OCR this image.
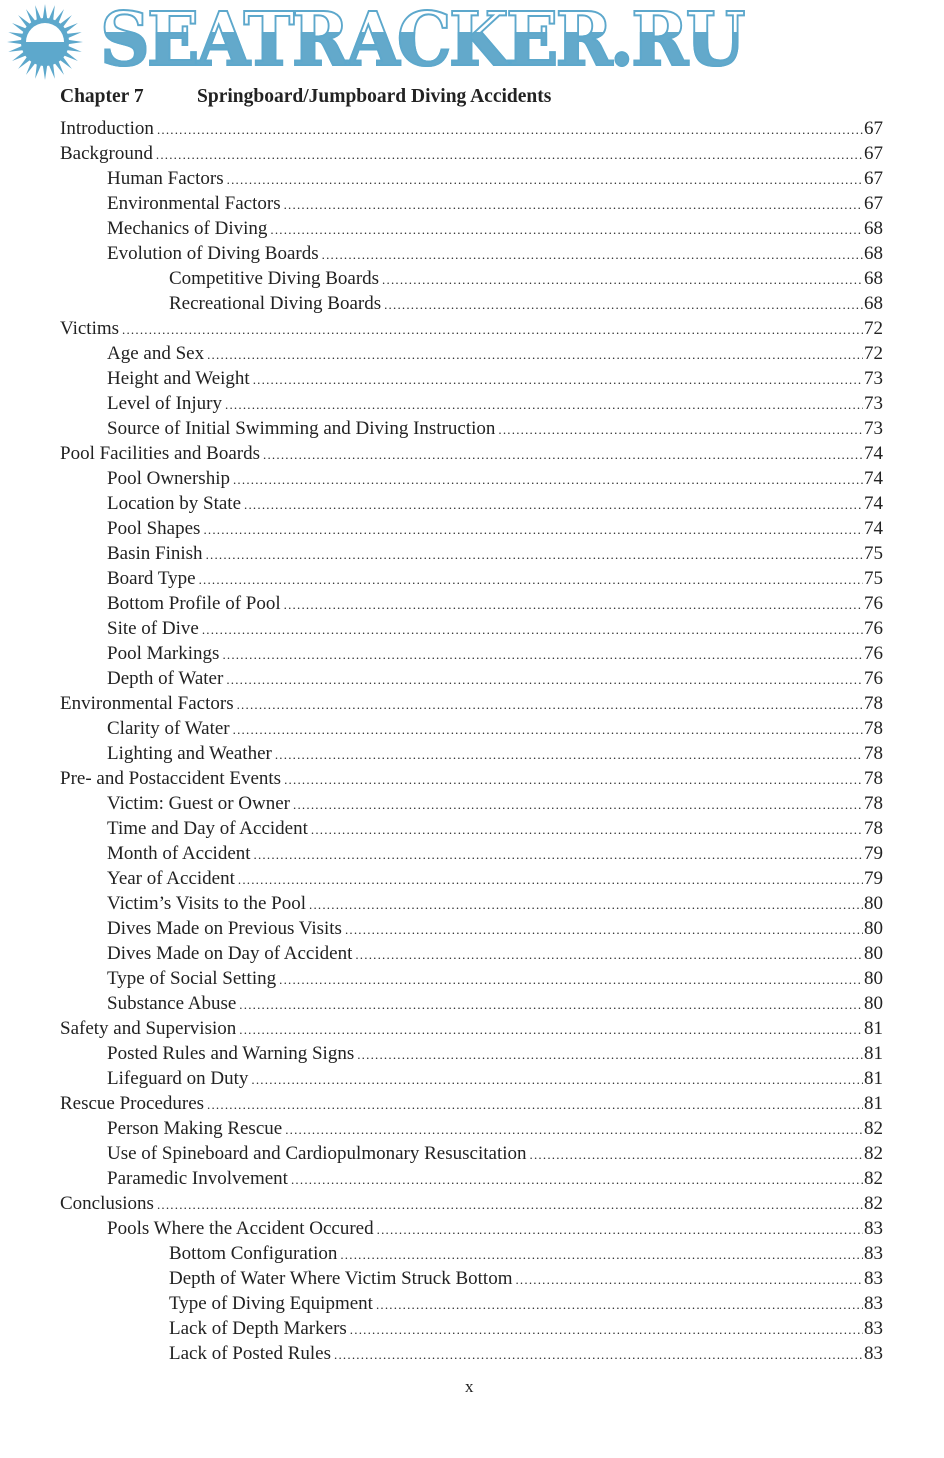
SEATRACKER.RU
Chapter 7	Springboard/Jumpboard Diving Accidents
Introduction .....	67
Background .....	67
Human Factors .....	67
Environmental Factors .....	67
Mechanics of Diving .....	68
Evolution of Diving Boards .....	68
Competitive Diving Boards .....	68
Recreational Diving Boards .....	68
Victims .....	72
Age and Sex .....	72
Height and Weight .....	73
Level of Injury .....	73
Source of Initial Swimming and Diving Instruction .....	73
Pool Facilities and Boards .....	74
Pool Ownership .....	74
Location by State .....	74
Pool Shapes .....	74
Basin Finish .....	75
Board Type .....	75
Bottom Profile of Pool .....	76
Site of Dive .....	76
Pool Markings .....	76
Depth of Water .....	76
Environmental Factors .....	78
Clarity of Water .....	78
Lighting and Weather .....	78
Pre- and Postaccident Events .....	78
Victim: Guest or Owner .....	78
Time and Day of Accident .....	78
Month of Accident .....	79
Year of Accident .....	79
Victim’s Visits to the Pool .....	80
Dives Made on Previous Visits .....	80
Dives Made on Day of Accident .....	80
Type of Social Setting .....	80
Substance Abuse .....	80
Safety and Supervision .....	81
Posted Rules and Warning Signs .....	81
Lifeguard on Duty .....	81
Rescue Procedures .....	81
Person Making Rescue .....	82
Use of Spineboard and Cardiopulmonary Resuscitation .....	82
Paramedic Involvement .....	82
Conclusions .....	82
Pools Where the Accident Occured .....	83
Bottom Configuration .....	83
Depth of Water Where Victim Struck Bottom .....	83
Type of Diving Equipment .....	83
Lack of Depth Markers .....	83
Lack of Posted Rules .....	83
x
